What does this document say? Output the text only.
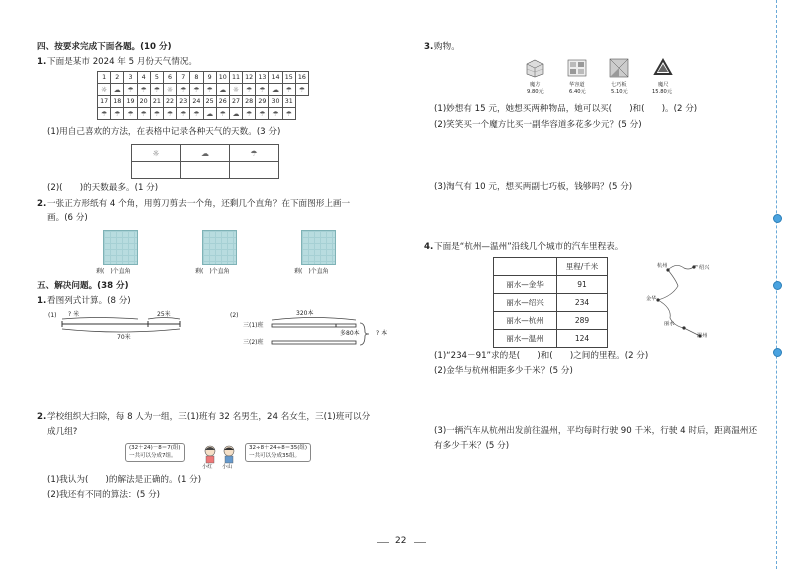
四、按要求完成下面各题。(10 分)
1. 下面是某市 2024 年 5 月份天气情况。
1	2	3	4	5	6	7	8	9	10	11	12	13	14	15	16
☼	☁	☂	☂	☂	☼	☂	☂	☂	☁	☼	☂	☂	☁	☂	☂
17	18	19	20	21	22	23	24	25	26	27	28	29	30	31	
☂	☂	☂	☂	☂	☂	☂	☂	☁	☂	☁	☂	☂	☂	☂	
(1)用自己喜欢的方法，在表格中记录各种天气的天数。(3 分)
☼	☁	☂

(2)(　　)的天数最多。(1 分)
2. 一张正方形纸有 4 个角，用剪刀剪去一个角，还剩几个直角？在下面图形上画一
画。(6 分)
剩(　)个直角	剩(　)个直角	剩(　)个直角
五、解决问题。(38 分)
1. 看图列式计算。(8 分)
(1) ? 米	25米
70米
(2)	320本
三(1)班
三(2)班
多80本	? 本
2. 学校组织大扫除，每 8 人为一组，三(1)班有 32 名男生，24 名女生，三(1)班可以分
成几组?
(32＋24)－8＝7(组)
一共可以分成7组。
32÷8＋24÷8＝35(组)
一共可以分成35组。
小红 小山
(1)我认为(　　)的解法是正确的。(1 分)
(2)我还有不同的算法：(5 分)
3. 购物。
魔方
9.80元
华容道
6.40元
七巧板
5.10元
魔尺
15.80元
(1)妙想有 15 元，她想买两种物品，她可以买(　　)和(　　)。(2 分)
(2)笑笑买一个魔方比买一副华容道多花多少元？(5 分)
(3)淘气有 10 元，想买两副七巧板，钱够吗？(5 分)
4. 下面是“杭州—温州”沿线几个城市的汽车里程表。
	里程/千米
丽水—金华	91
丽水—绍兴	234
丽水—杭州	289
丽水—温州	124
杭州	绍兴
金华
丽水
温州
(1)“234－91”求的是(　　)和(　　)之间的里程。(2 分)
(2)金华与杭州相距多少千米？(5 分)
(3)一辆汽车从杭州出发前往温州，平均每时行驶 90 千米，行驶 4 时后，距离温州还
有多少千米？(5 分)
22
